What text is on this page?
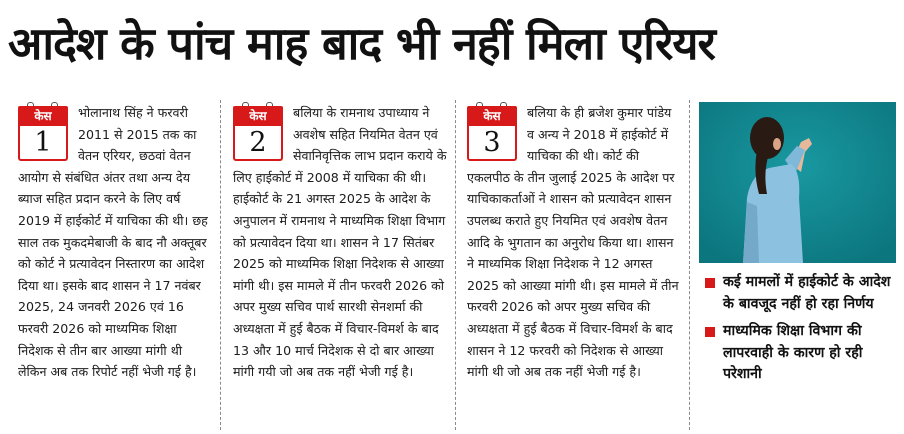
आदेश के पांच माह बाद भी नहीं मिला एरियर
केस
1

भोलानाथ सिंह ने फरवरी 2011 से 2015 तक का वेतन एरियर, छठवां वेतन आयोग से संबंधित अंतर तथा अन्य देय ब्याज सहित प्रदान करने के लिए वर्ष 2019 में हाईकोर्ट में याचिका की थी। छह साल तक मुकदमेबाजी के बाद नौ अक्तूबर को कोर्ट ने प्रत्यावेदन निस्तारण का आदेश दिया था। इसके बाद शासन ने 17 नवंबर 2025, 24 जनवरी 2026 एवं 16 फरवरी 2026 को माध्यमिक शिक्षा निदेशक से तीन बार आख्या मांगी थी लेकिन अब तक रिपोर्ट नहीं भेजी गई है।

केस
2

बलिया के रामनाथ उपाध्याय ने अवशेष सहित नियमित वेतन एवं सेवानिवृत्तिक लाभ प्रदान कराये के लिए हाईकोर्ट में 2008 में याचिका की थी। हाईकोर्ट के 21 अगस्त 2025 के आदेश के अनुपालन में रामनाथ ने माध्यमिक शिक्षा विभाग को प्रत्यावेदन दिया था। शासन ने 17 सितंबर 2025 को माध्यमिक शिक्षा निदेशक से आख्या मांगी थी। इस मामले में तीन फरवरी 2026 को अपर मुख्य सचिव पार्थ सारथी सेनशर्मा की अध्यक्षता में हुई बैठक में विचार-विमर्श के बाद 13 और 10 मार्च निदेशक से दो बार आख्या मांगी गयी जो अब तक नहीं भेजी गई है।

केस
3

बलिया के ही ब्रजेश कुमार पांडेय व अन्य ने 2018 में हाईकोर्ट में याचिका की थी। कोर्ट की एकलपीठ के तीन जुलाई 2025 के आदेश पर याचिकाकर्ताओं ने शासन को प्रत्यावेदन शासन उपलब्ध कराते हुए नियमित एवं अवशेष वेतन आदि के भुगतान का अनुरोध किया था। शासन ने माध्यमिक शिक्षा निदेशक ने 12 अगस्त 2025 को आख्या मांगी थी। इस मामले में तीन फरवरी 2026 को अपर मुख्य सचिव की अध्यक्षता में हुई बैठक में विचार-विमर्श के बाद शासन ने 12 फरवरी को निदेशक से आख्या मांगी थी जो अब तक नहीं भेजी गई है।

कई मामलों में हाईकोर्ट के आदेश के बावजूद नहीं हो रहा निर्णय
माध्यमिक शिक्षा विभाग की लापरवाही के कारण हो रही परेशानी
